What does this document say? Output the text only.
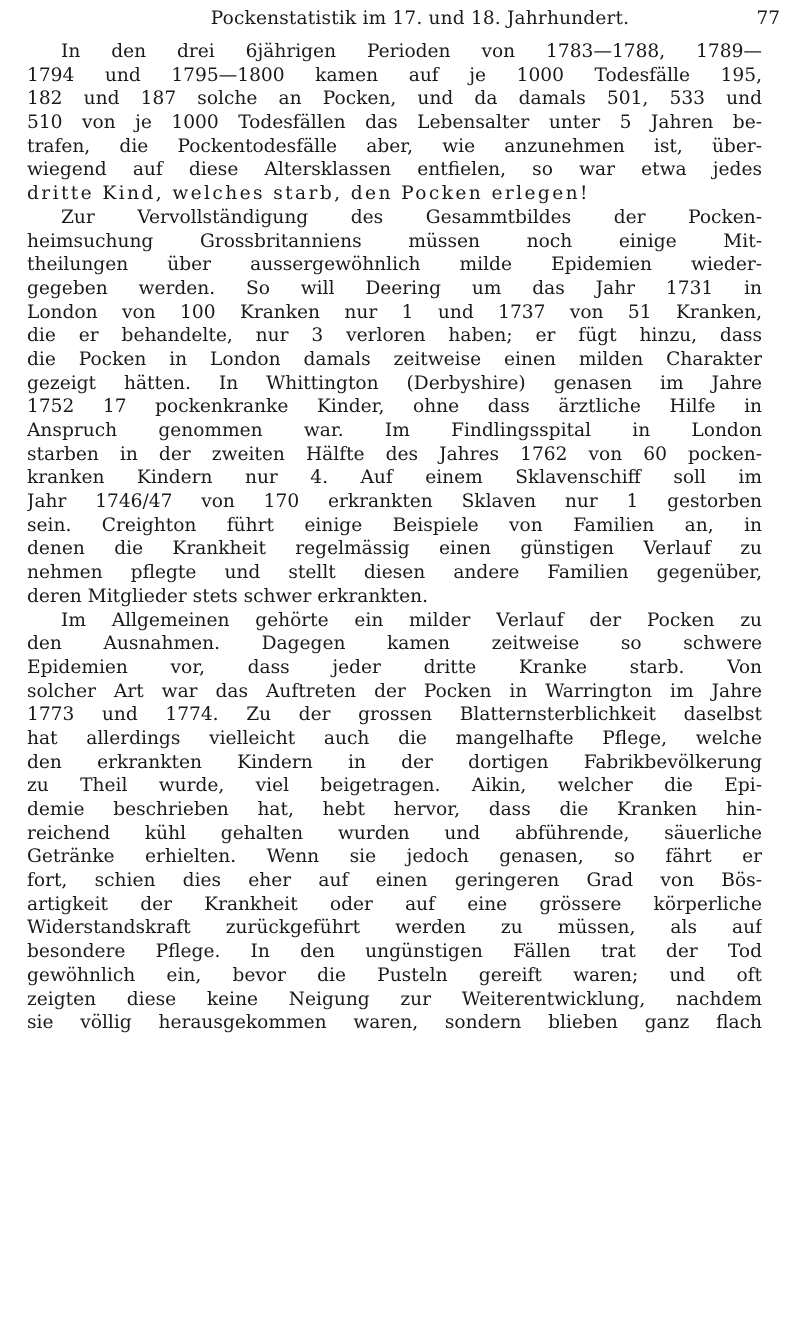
Pockenstatistik im 17. und 18. Jahrhundert.	77
In den drei 6jährigen Perioden von 1783—1788, 1789—
1794 und 1795—1800 kamen auf je 1000 Todesfälle 195,
182 und 187 solche an Pocken, und da damals 501, 533 und
510 von je 1000 Todesfällen das Lebensalter unter 5 Jahren be-
trafen, die Pockentodesfälle aber, wie anzunehmen ist, über-
wiegend auf diese Altersklassen entfielen, so war etwa jedes
dritte Kind, welches starb, den Pocken erlegen!
Zur Vervollständigung des Gesammtbildes der Pocken-
heimsuchung Grossbritanniens müssen noch einige Mit-
theilungen über aussergewöhnlich milde Epidemien wieder-
gegeben werden. So will Deering um das Jahr 1731 in
London von 100 Kranken nur 1 und 1737 von 51 Kranken,
die er behandelte, nur 3 verloren haben; er fügt hinzu, dass
die Pocken in London damals zeitweise einen milden Charakter
gezeigt hätten. In Whittington (Derbyshire) genasen im Jahre
1752 17 pockenkranke Kinder, ohne dass ärztliche Hilfe in
Anspruch genommen war. Im Findlingsspital in London
starben in der zweiten Hälfte des Jahres 1762 von 60 pocken-
kranken Kindern nur 4. Auf einem Sklavenschiff soll im
Jahr 1746/47 von 170 erkrankten Sklaven nur 1 gestorben
sein. Creighton führt einige Beispiele von Familien an, in
denen die Krankheit regelmässig einen günstigen Verlauf zu
nehmen pflegte und stellt diesen andere Familien gegenüber,
deren Mitglieder stets schwer erkrankten.
Im Allgemeinen gehörte ein milder Verlauf der Pocken zu
den Ausnahmen. Dagegen kamen zeitweise so schwere
Epidemien vor, dass jeder dritte Kranke starb. Von
solcher Art war das Auftreten der Pocken in Warrington im Jahre
1773 und 1774. Zu der grossen Blatternsterblichkeit daselbst
hat allerdings vielleicht auch die mangelhafte Pflege, welche
den erkrankten Kindern in der dortigen Fabrikbevölkerung
zu Theil wurde, viel beigetragen. Aikin, welcher die Epi-
demie beschrieben hat, hebt hervor, dass die Kranken hin-
reichend kühl gehalten wurden und abführende, säuerliche
Getränke erhielten. Wenn sie jedoch genasen, so fährt er
fort, schien dies eher auf einen geringeren Grad von Bös-
artigkeit der Krankheit oder auf eine grössere körperliche
Widerstandskraft zurückgeführt werden zu müssen, als auf
besondere Pflege. In den ungünstigen Fällen trat der Tod
gewöhnlich ein, bevor die Pusteln gereift waren; und oft
zeigten diese keine Neigung zur Weiterentwicklung, nachdem
sie völlig herausgekommen waren, sondern blieben ganz flach
